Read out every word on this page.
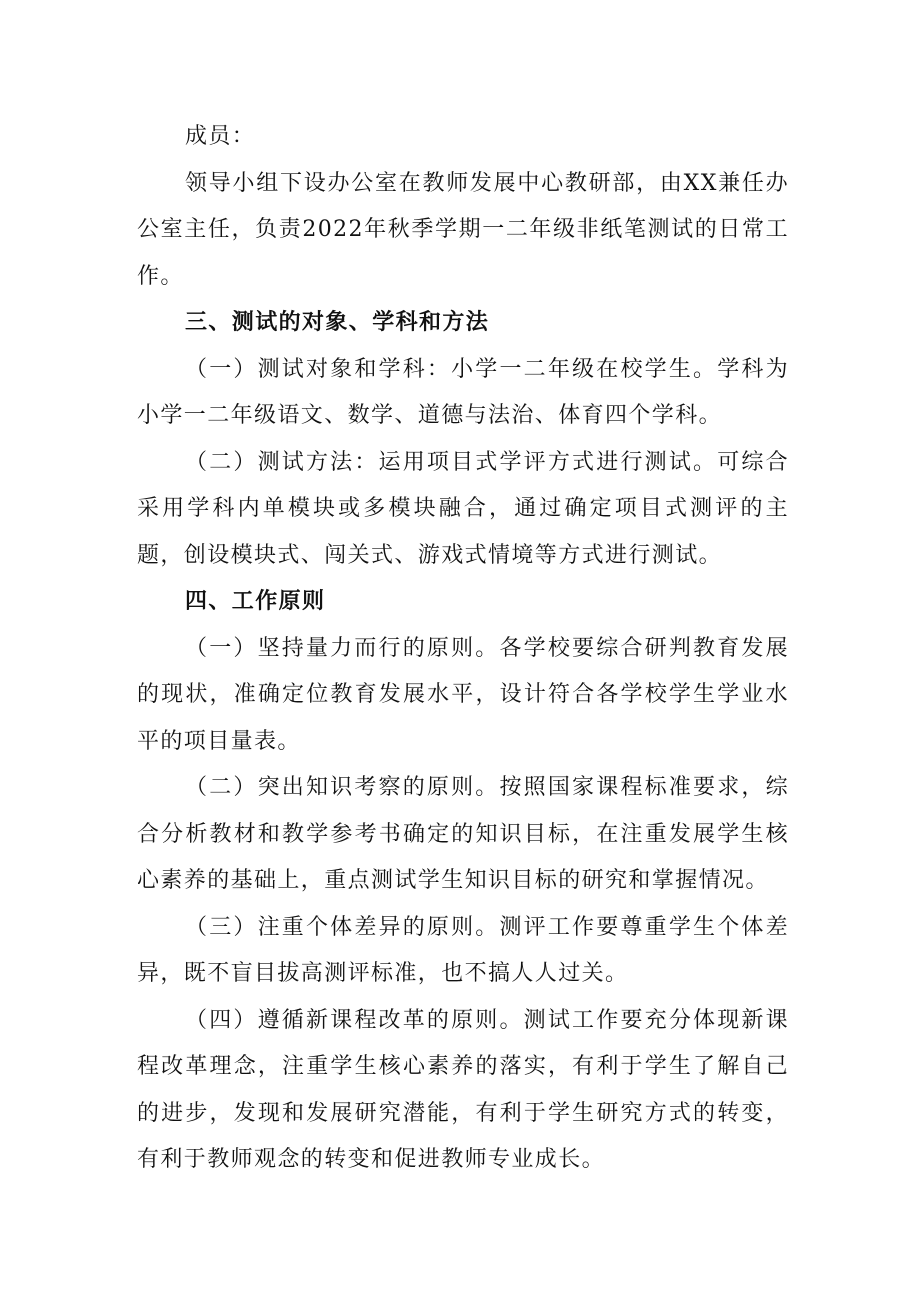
成员：

领导小组下设办公室在教师发展中心教研部，由XX兼任办公室主任，负责2022年秋季学期一二年级非纸笔测试的日常工作。

三、测试的对象、学科和方法

（一）测试对象和学科：小学一二年级在校学生。学科为小学一二年级语文、数学、道德与法治、体育四个学科。

（二）测试方法：运用项目式学评方式进行测试。可综合采用学科内单模块或多模块融合，通过确定项目式测评的主题，创设模块式、闯关式、游戏式情境等方式进行测试。

四、工作原则

（一）坚持量力而行的原则。各学校要综合研判教育发展的现状，准确定位教育发展水平，设计符合各学校学生学业水平的项目量表。

（二）突出知识考察的原则。按照国家课程标准要求，综合分析教材和教学参考书确定的知识目标，在注重发展学生核心素养的基础上，重点测试学生知识目标的研究和掌握情况。

（三）注重个体差异的原则。测评工作要尊重学生个体差异，既不盲目拔高测评标准，也不搞人人过关。

（四）遵循新课程改革的原则。测试工作要充分体现新课程改革理念，注重学生核心素养的落实，有利于学生了解自己的进步，发现和发展研究潜能，有利于学生研究方式的转变，有利于教师观念的转变和促进教师专业成长。
